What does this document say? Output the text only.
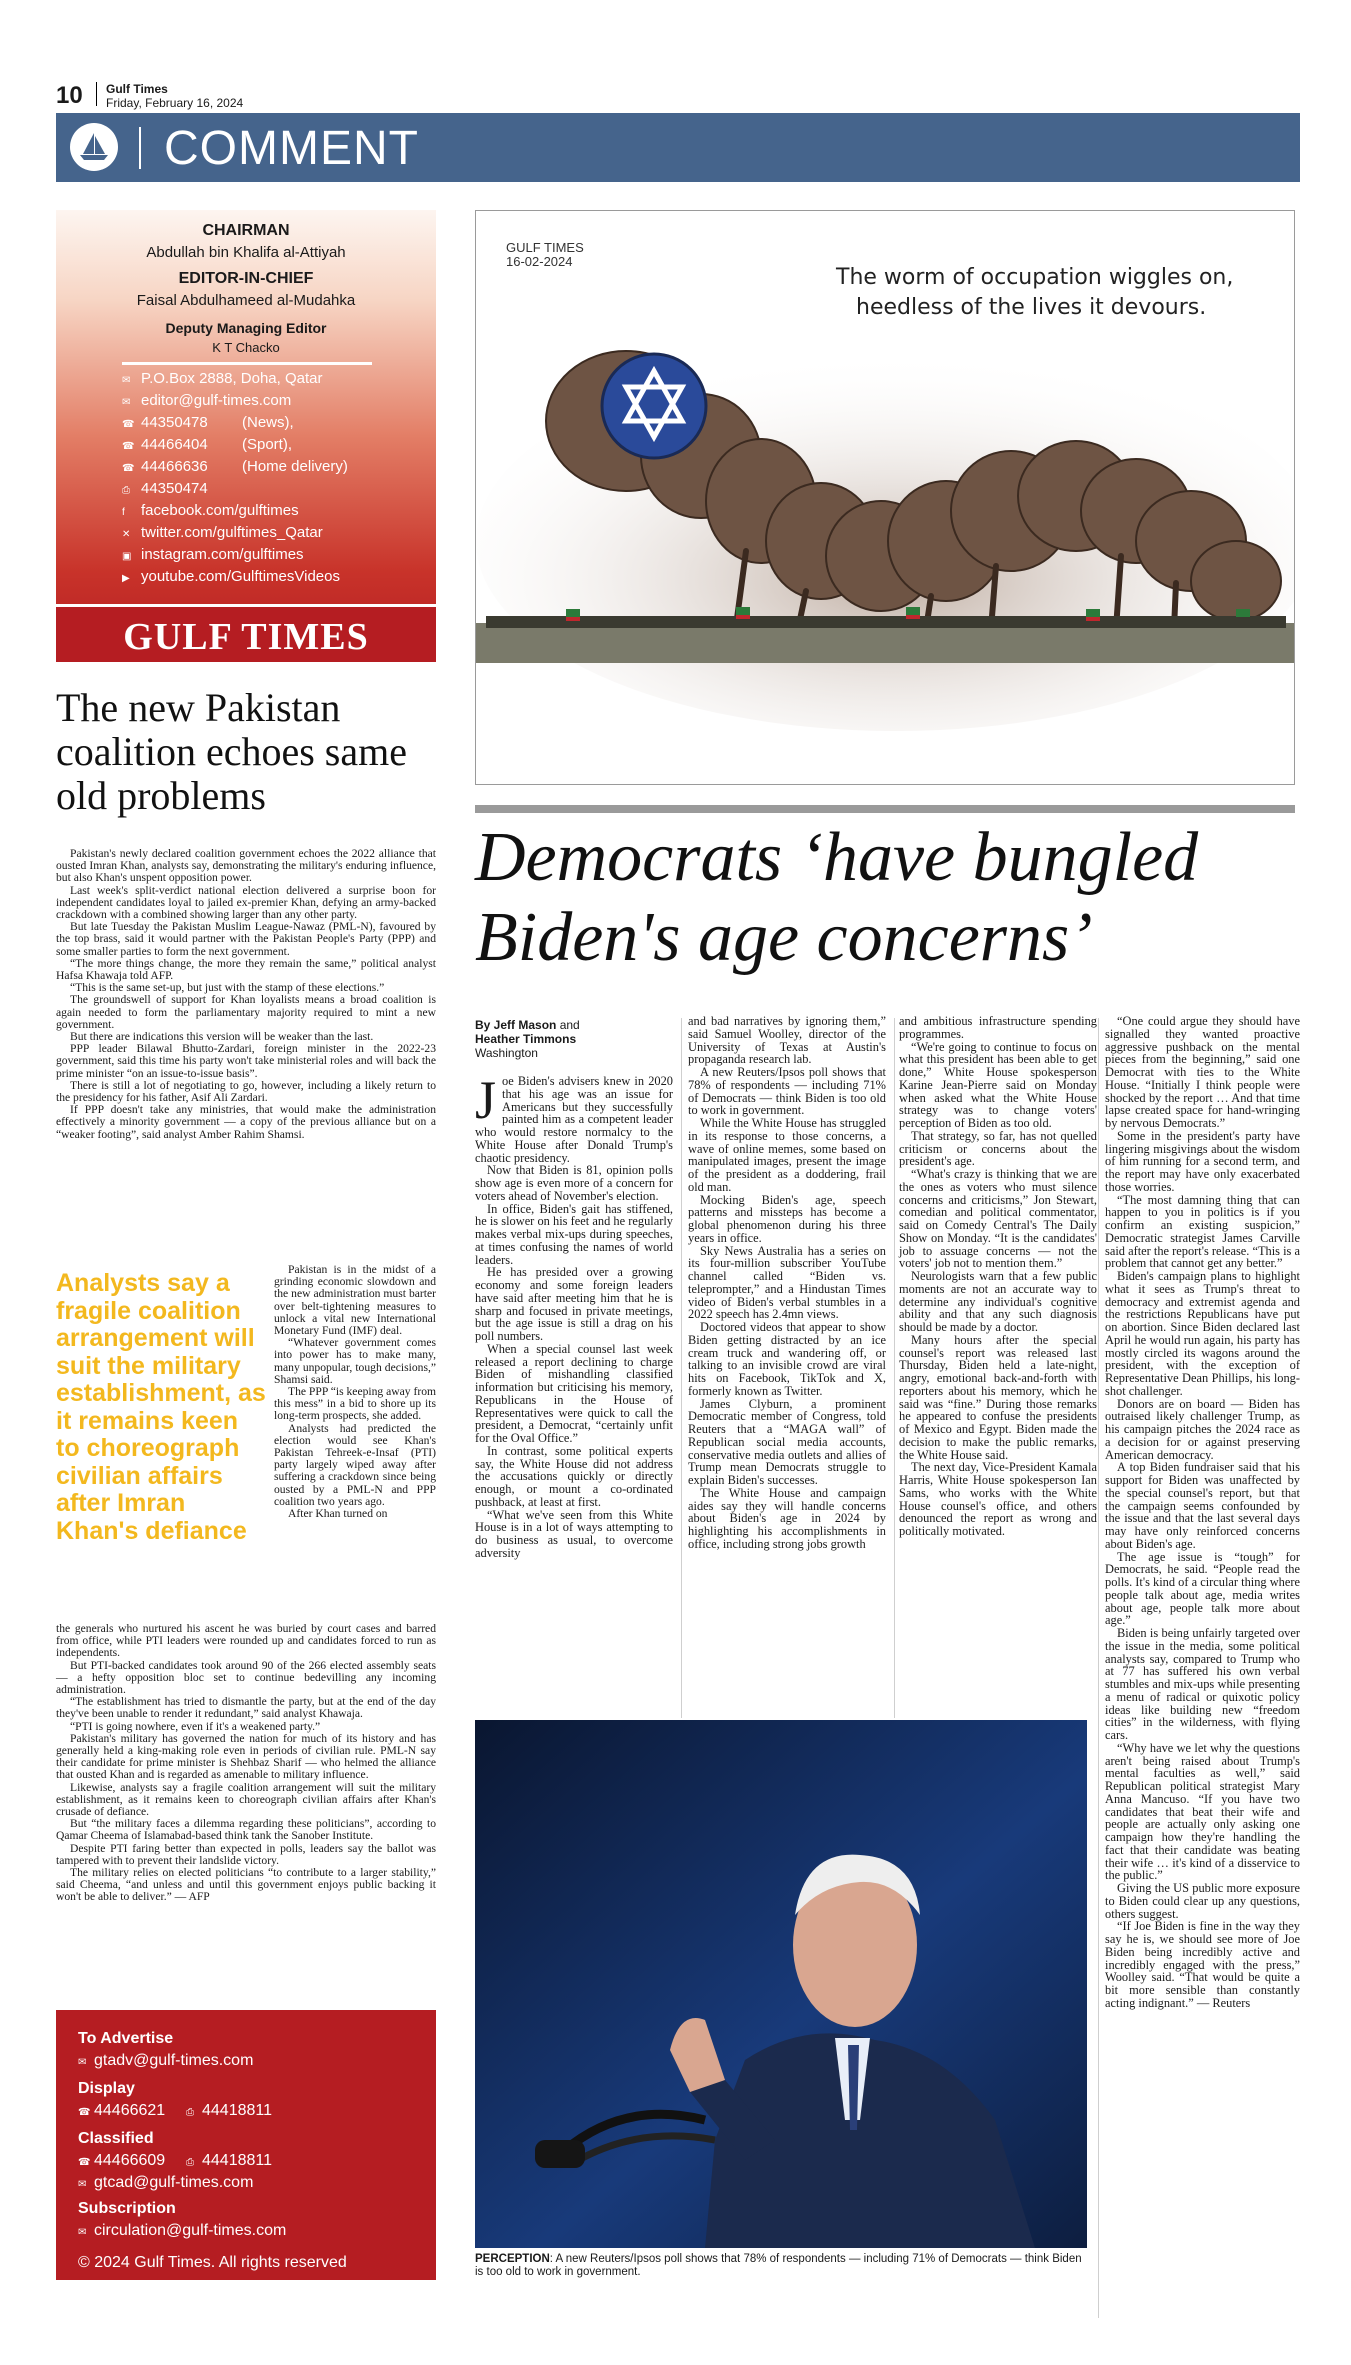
10 Gulf Times
Friday, February 16, 2024
COMMENT
CHAIRMAN
Abdullah bin Khalifa al-Attiyah
EDITOR-IN-CHIEF
Faisal Abdulhameed al-Mudahka
Deputy Managing Editor
K T Chacko
✉ P.O.Box 2888, Doha, Qatar
✉ editor@gulf-times.com
☎ 44350478 (News),
☎ 44466404 (Sport),
☎ 44466636 (Home delivery)
⎙ 44350474
f facebook.com/gulftimes
✕ twitter.com/gulftimes_Qatar
▣ instagram.com/gulftimes
▶ youtube.com/GulftimesVideos
GULF TIMES
The new Pakistan coalition echoes same old problems

Pakistan's newly declared coalition government echoes the 2022 alliance that ousted Imran Khan, analysts say, demonstrating the military's enduring influence, but also Khan's unspent opposition power.

Last week's split-verdict national election delivered a surprise boon for independent candidates loyal to jailed ex-premier Khan, defying an army-backed crackdown with a combined showing larger than any other party.

But late Tuesday the Pakistan Muslim League-Nawaz (PML-N), favoured by the top brass, said it would partner with the Pakistan People's Party (PPP) and some smaller parties to form the next government.

“The more things change, the more they remain the same,” political analyst Hafsa Khawaja told AFP.

“This is the same set-up, but just with the stamp of these elections.”

The groundswell of support for Khan loyalists means a broad coalition is again needed to form the parliamentary majority required to mint a new government.

But there are indications this version will be weaker than the last.

PPP leader Bilawal Bhutto-Zardari, foreign minister in the 2022-23 government, said this time his party won't take ministerial roles and will back the prime minister “on an issue-to-issue basis”.

There is still a lot of negotiating to go, however, including a likely return to the presidency for his father, Asif Ali Zardari.

If PPP doesn't take any ministries, that would make the administration effectively a minority government — a copy of the previous alliance but on a “weaker footing”, said analyst Amber Rahim Shamsi.

Pakistan is in the midst of a grinding economic slowdown and the new administration must barter over belt-tightening measures to unlock a vital new International Monetary Fund (IMF) deal.

“Whatever government comes into power has to make many, many unpopular, tough decisions,” Shamsi said.

The PPP “is keeping away from this mess” in a bid to shore up its long-term prospects, she added.

Analysts had predicted the election would see Khan's Pakistan Tehreek-e-Insaf (PTI) party largely wiped away after suffering a crackdown since being ousted by a PML-N and PPP coalition two years ago.

After Khan turned on

Analysts say a fragile coalition arrangement will suit the military establishment, as it remains keen to choreograph civilian affairs after Imran Khan's defiance

the generals who nurtured his ascent he was buried by court cases and barred from office, while PTI leaders were rounded up and candidates forced to run as independents.

But PTI-backed candidates took around 90 of the 266 elected assembly seats — a hefty opposition bloc set to continue bedevilling any incoming administration.

“The establishment has tried to dismantle the party, but at the end of the day they've been unable to render it redundant,” said analyst Khawaja.

“PTI is going nowhere, even if it's a weakened party.”

Pakistan's military has governed the nation for much of its history and has generally held a king-making role even in periods of civilian rule. PML-N say their candidate for prime minister is Shehbaz Sharif — who helmed the alliance that ousted Khan and is regarded as amenable to military influence.

Likewise, analysts say a fragile coalition arrangement will suit the military establishment, as it remains keen to choreograph civilian affairs after Khan's crusade of defiance.

But “the military faces a dilemma regarding these politicians”, according to Qamar Cheema of Islamabad-based think tank the Sanober Institute.

Despite PTI faring better than expected in polls, leaders say the ballot was tampered with to prevent their landslide victory.

The military relies on elected politicians “to contribute to a larger stability,” said Cheema, “and unless and until this government enjoys public backing it won't be able to deliver.” — AFP

To Advertise
✉ gtadv@gulf-times.com
Display
☎ 44466621 ⎙ 44418811
Classified
☎ 44466609 ⎙ 44418811
✉ gtcad@gulf-times.com
Subscription
✉ circulation@gulf-times.com
© 2024 Gulf Times. All rights reserved
GULF TIMES
16-02-2024
The worm of occupation wiggles on,
heedless of the lives it devours.
Democrats ‘have bungled
Biden's age concerns’
By Jeff Mason and
Heather Timmons
Washington

Joe Biden's advisers knew in 2020 that his age was an issue for Americans but they successfully painted him as a competent leader who would restore normalcy to the White House after Donald Trump's chaotic presidency.

Now that Biden is 81, opinion polls show age is even more of a concern for voters ahead of November's election.

In office, Biden's gait has stiffened, he is slower on his feet and he regularly makes verbal mix-ups during speeches, at times confusing the names of world leaders.

He has presided over a growing economy and some foreign leaders have said after meeting him that he is sharp and focused in private meetings, but the age issue is still a drag on his poll numbers.

When a special counsel last week released a report declining to charge Biden of mishandling classified information but criticising his memory, Republicans in the House of Representatives were quick to call the president, a Democrat, “certainly unfit for the Oval Office.”

In contrast, some political experts say, the White House did not address the accusations quickly or directly enough, or mount a co-ordinated pushback, at least at first.

“What we've seen from this White House is in a lot of ways attempting to do business as usual, to overcome adversity

and bad narratives by ignoring them,” said Samuel Woolley, director of the University of Texas at Austin's propaganda research lab.

A new Reuters/Ipsos poll shows that 78% of respondents — including 71% of Democrats — think Biden is too old to work in government.

While the White House has struggled in its response to those concerns, a wave of online memes, some based on manipulated images, present the image of the president as a doddering, frail old man.

Mocking Biden's age, speech patterns and missteps has become a global phenomenon during his three years in office.

Sky News Australia has a series on its four-million subscriber YouTube channel called “Biden vs. teleprompter,” and a Hindustan Times video of Biden's verbal stumbles in a 2022 speech has 2.4mn views.

Doctored videos that appear to show Biden getting distracted by an ice cream truck and wandering off, or talking to an invisible crowd are viral hits on Facebook, TikTok and X, formerly known as Twitter.

James Clyburn, a prominent Democratic member of Congress, told Reuters that a “MAGA wall” of Republican social media accounts, conservative media outlets and allies of Trump mean Democrats struggle to explain Biden's successes.

The White House and campaign aides say they will handle concerns about Biden's age in 2024 by highlighting his accomplishments in office, including strong jobs growth

and ambitious infrastructure spending programmes.

“We're going to continue to focus on what this president has been able to get done,” White House spokesperson Karine Jean-Pierre said on Monday when asked what the White House strategy was to change voters' perception of Biden as too old.

That strategy, so far, has not quelled criticism or concerns about the president's age.

“What's crazy is thinking that we are the ones as voters who must silence concerns and criticisms,” Jon Stewart, comedian and political commentator, said on Comedy Central's The Daily Show on Monday. “It is the candidates' job to assuage concerns — not the voters' job not to mention them.”

Neurologists warn that a few public moments are not an accurate way to determine any individual's cognitive ability and that any such diagnosis should be made by a doctor.

Many hours after the special counsel's report was released last Thursday, Biden held a late-night, angry, emotional back-and-forth with reporters about his memory, which he said was “fine.” During those remarks he appeared to confuse the presidents of Mexico and Egypt. Biden made the decision to make the public remarks, the White House said.

The next day, Vice-President Kamala Harris, White House spokesperson Ian Sams, who works with the White House counsel's office, and others denounced the report as wrong and politically motivated.

“One could argue they should have signalled they wanted proactive aggressive pushback on the mental pieces from the beginning,” said one Democrat with ties to the White House. “Initially I think people were shocked by the report … And that time lapse created space for hand-wringing by nervous Democrats.”

Some in the president's party have lingering misgivings about the wisdom of him running for a second term, and the report may have only exacerbated those worries.

“The most damning thing that can happen to you in politics is if you confirm an existing suspicion,” Democratic strategist James Carville said after the report's release. “This is a problem that cannot get any better.”

Biden's campaign plans to highlight what it sees as Trump's threat to democracy and extremist agenda and the restrictions Republicans have put on abortion. Since Biden declared last April he would run again, his party has mostly circled its wagons around the president, with the exception of Representative Dean Phillips, his long-shot challenger.

Donors are on board — Biden has outraised likely challenger Trump, as his campaign pitches the 2024 race as a decision for or against preserving American democracy.

A top Biden fundraiser said that his support for Biden was unaffected by the special counsel's report, but that the campaign seems confounded by the issue and that the last several days may have only reinforced concerns about Biden's age.

The age issue is “tough” for Democrats, he said. “People read the polls. It's kind of a circular thing where people talk about age, media writes about age, people talk more about age.”

Biden is being unfairly targeted over the issue in the media, some political analysts say, compared to Trump who at 77 has suffered his own verbal stumbles and mix-ups while presenting a menu of radical or quixotic policy ideas like building new “freedom cities” in the wilderness, with flying cars.

“Why have we let why the questions aren't being raised about Trump's mental faculties as well,” said Republican political strategist Mary Anna Mancuso. “If you have two candidates that beat their wife and people are actually only asking one campaign how they're handling the fact that their candidate was beating their wife … it's kind of a disservice to the public.”

Giving the US public more exposure to Biden could clear up any questions, others suggest.

“If Joe Biden is fine in the way they say he is, we should see more of Joe Biden being incredibly active and incredibly engaged with the press,” Woolley said. “That would be quite a bit more sensible than constantly acting indignant.” — Reuters

PERCEPTION: A new Reuters/Ipsos poll shows that 78% of respondents — including 71% of Democrats — think Biden is too old to work in government.
